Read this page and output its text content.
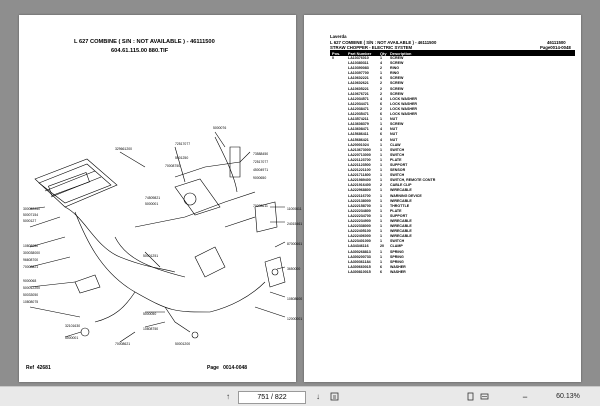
L 627 COMBINE ( S/N : NOT AVAILABLE ) - 46111500
604.61.115.00 880.TIF
329661200
72517077
5000076
73588450
72517077
45004971
5001250
70008750
9000650
300052250
50007154
5000127
74509821
5000001	70008611
10808080
300038000
96608700
70008821
9000068
500012200
50033050
10808075
11000611
24015461
87000661
3650000
10808600
12000001
50001251
5000050
10808750
70008621
32101630
5000001
50001200
Ref 42681	Page 0014-0048
Laverda
L 627 COMBINE ( S/N : NOT AVAILABLE ) - 46111500	46111500
STRAW CHOPPER - ELECTRIC SYSTEM	Page0014-0048
Pos. Part Number Qty Description
0	LA10376010	1 SCREW
LA10380311	4 SCREW
LA10390083	2 RING
LA10397700	1 RING
LA10602221	6 SCREW
LA10602621	2 SCREW
LA10605221	2 SCREW
LA10676721	2 SCREW
LA12034571	4 LOCK WASHER
LA12034471	6 LOCK WASHER
LA12038471	2 LOCK WASHER
LA12035471	6 LOCK WASHER
LA13574211	1 NUT
LA13608379	1 SCREW
LA13608471	4 NUT
LA15686411	6 NUT
LA15686421	4 NUT
LA20001024	1 CLAW
LA213673000	1 SWITCH
LA220713000	1 SWITCH
LA221123700	1 PLATE
LA221123500	1 SUPPORT
LA221221100	1 SENSOR
LA221711800	1 SWITCH
LA221989400	1 SWITCH, REMOTE CONTR
LA221916400	2 CABLE CLIP
LA222968800	1 WIRECABLE
LA222116700	1 WARNING DEVICE
LA222138000	1 WIRECABLE
LA222158700	1 THROTTLE
LA222234800	1 PLATE
LA222234700	1 SUPPORT
LA222234900	1 WIRECABLE
LA222338000	1 WIRECABLE
LA222405100	1 WIRECABLE
LA222406000	1 WIRECABLE
LA223401000	1 SWITCH
LA34346116	20 CLAMP
LA300268813	1 SPRING
LA300200733	1 SPRING
LA300361184	1 SPRING
LA300660015	6 WASHER
LA300810015	6 WASHER
↑	751
/
822	↓	−	60.13%
